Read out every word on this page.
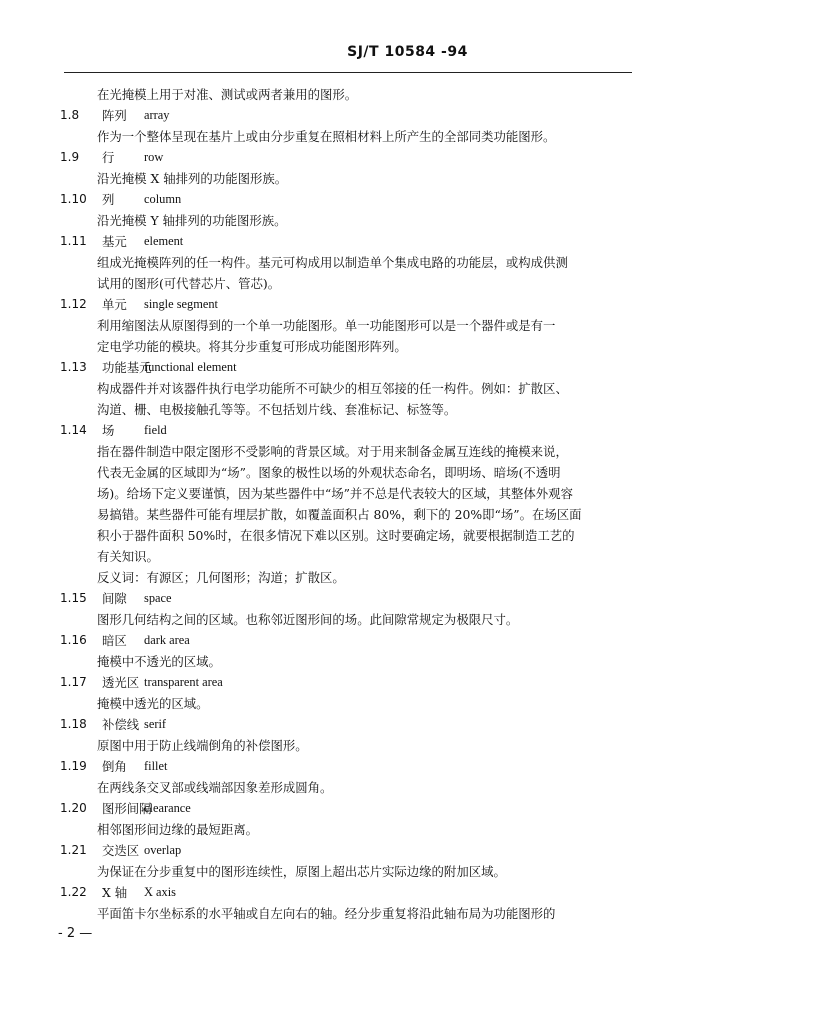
SJ/T 10584 -94
在光掩模上用于对准、测试或两者兼用的图形。
1.8 阵列 array
作为一个整体呈现在基片上或由分步重复在照相材料上所产生的全部同类功能图形。
1.9 行 row
沿光掩模 X 轴排列的功能图形族。
1.10 列 column
沿光掩模 Y 轴排列的功能图形族。
1.11 基元 element
组成光掩模阵列的任一构件。基元可构成用以制造单个集成电路的功能层，或构成供测
试用的图形(可代替芯片、管芯)。
1.12 单元 single segment
利用缩图法从原图得到的一个单一功能图形。单一功能图形可以是一个器件或是有一
定电学功能的模块。将其分步重复可形成功能图形阵列。
1.13 功能基元
functional element
构成器件并对该器件执行电学功能所不可缺少的相互邻接的任一构件。例如：扩散区、
沟道、栅、电极接触孔等等。不包括划片线、套准标记、标签等。
1.14 场 field
指在器件制造中限定图形不受影响的背景区域。对于用来制备金属互连线的掩模来说，
代表无金属的区域即为“场”。图象的极性以场的外观状态命名，即明场、暗场(不透明
场)。给场下定义要谨慎，因为某些器件中“场”并不总是代表较大的区域，其整体外观容
易搞错。某些器件可能有埋层扩散，如覆盖面积占 80%，剩下的 20%即“场”。在场区面
积小于器件面积 50%时，在很多情况下难以区别。这时要确定场，就要根据制造工艺的
有关知识。
反义词：有源区；几何图形；沟道；扩散区。
1.15 间隙 space
图形几何结构之间的区域。也称邻近图形间的场。此间隙常规定为极限尺寸。
1.16 暗区 dark area
掩模中不透光的区域。
1.17 透光区 transparent area
掩模中透光的区域。
1.18 补偿线 serif
原图中用于防止线端倒角的补偿图形。
1.19 倒角 fillet
在两线条交叉部或线端部因象差形成圆角。
1.20 图形间隔
clearance
相邻图形间边缘的最短距离。
1.21 交迭区 overlap
为保证在分步重复中的图形连续性，原图上超出芯片实际边缘的附加区域。
1.22 X 轴 X axis
平面笛卡尔坐标系的水平轴或自左向右的轴。经分步重复将沿此轴布局为功能图形的
- 2 —
